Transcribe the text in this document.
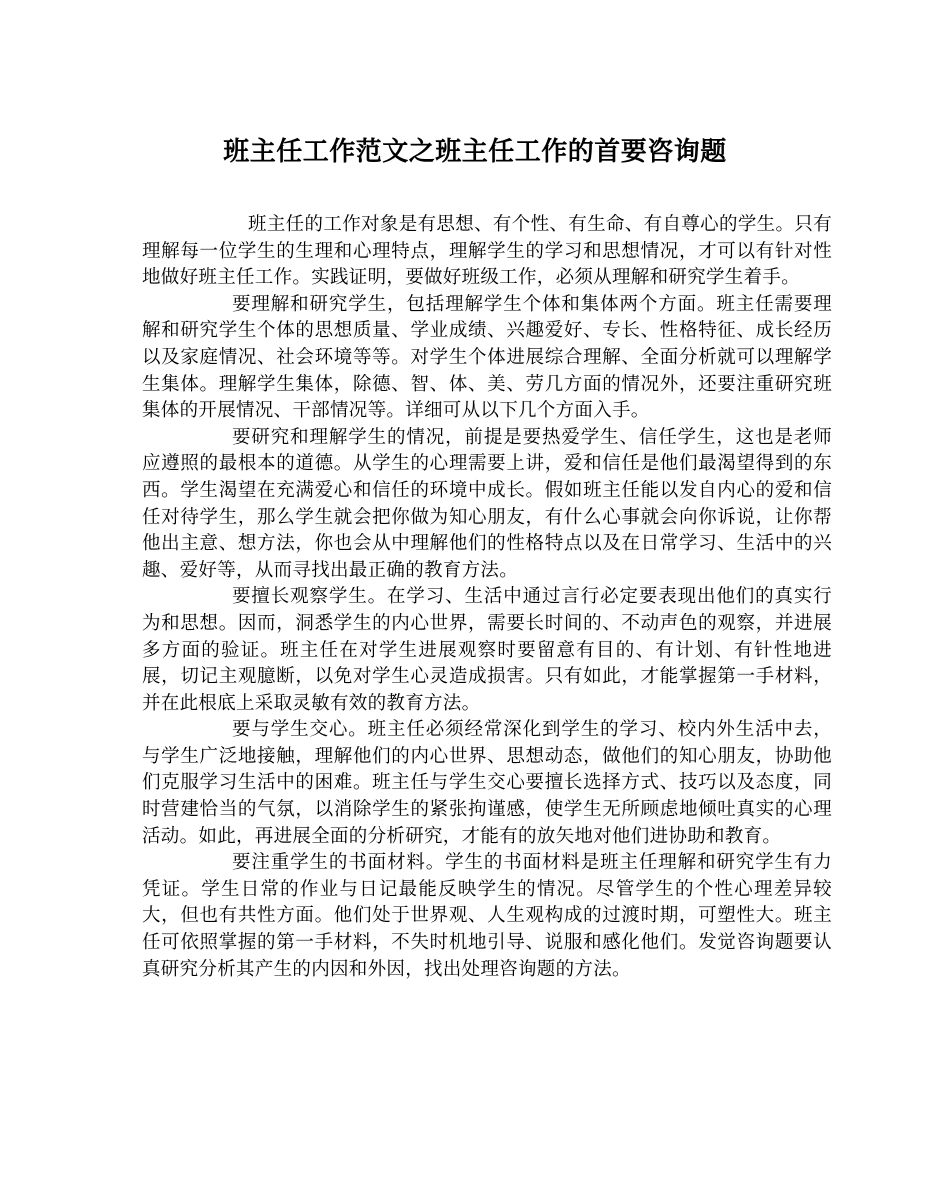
班主任工作范文之班主任工作的首要咨询题

班主任的工作对象是有思想、有个性、有生命、有自尊心的学生。只有理解每一位学生的生理和心理特点，理解学生的学习和思想情况，才可以有针对性地做好班主任工作。实践证明，要做好班级工作，必须从理解和研究学生着手。

要理解和研究学生，包括理解学生个体和集体两个方面。班主任需要理解和研究学生个体的思想质量、学业成绩、兴趣爱好、专长、性格特征、成长经历以及家庭情况、社会环境等等。对学生个体进展综合理解、全面分析就可以理解学生集体。理解学生集体，除德、智、体、美、劳几方面的情况外，还要注重研究班集体的开展情况、干部情况等。详细可从以下几个方面入手。

要研究和理解学生的情况，前提是要热爱学生、信任学生，这也是老师应遵照的最根本的道德。从学生的心理需要上讲，爱和信任是他们最渴望得到的东西。学生渴望在充满爱心和信任的环境中成长。假如班主任能以发自内心的爱和信任对待学生，那么学生就会把你做为知心朋友，有什么心事就会向你诉说，让你帮他出主意、想方法，你也会从中理解他们的性格特点以及在日常学习、生活中的兴趣、爱好等，从而寻找出最正确的教育方法。

要擅长观察学生。在学习、生活中通过言行必定要表现出他们的真实行为和思想。因而，洞悉学生的内心世界，需要长时间的、不动声色的观察，并进展多方面的验证。班主任在对学生进展观察时要留意有目的、有计划、有针性地进展，切记主观臆断，以免对学生心灵造成损害。只有如此，才能掌握第一手材料，并在此根底上采取灵敏有效的教育方法。

要与学生交心。班主任必须经常深化到学生的学习、校内外生活中去，与学生广泛地接触，理解他们的内心世界、思想动态，做他们的知心朋友，协助他们克服学习生活中的困难。班主任与学生交心要擅长选择方式、技巧以及态度，同时营建恰当的气氛，以消除学生的紧张拘谨感，使学生无所顾虑地倾吐真实的心理活动。如此，再进展全面的分析研究，才能有的放矢地对他们进协助和教育。

要注重学生的书面材料。学生的书面材料是班主任理解和研究学生有力凭证。学生日常的作业与日记最能反映学生的情况。尽管学生的个性心理差异较大，但也有共性方面。他们处于世界观、人生观构成的过渡时期，可塑性大。班主任可依照掌握的第一手材料，不失时机地引导、说服和感化他们。发觉咨询题要认真研究分析其产生的内因和外因，找出处理咨询题的方法。
